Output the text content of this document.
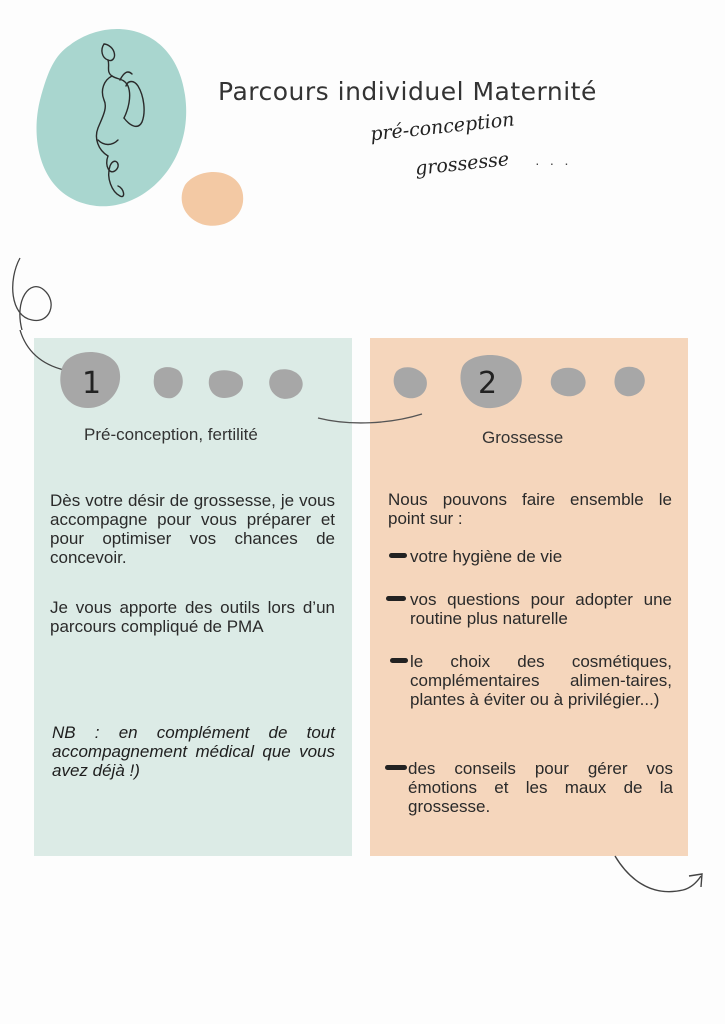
Parcours individuel Maternité
pré-conception
grossesse · · ·
1	2
Pré-conception, fertilité	Grossesse
Dès votre désir de grossesse, je vous accompagne pour vous préparer et pour optimiser vos chances de concevoir.
Je vous apporte des outils lors d’un parcours compliqué de PMA
NB : en complément de tout accompagnement médical que vous avez déjà !)
Nous pouvons faire ensemble le point sur :
votre hygiène de vie
vos questions pour adopter une routine plus naturelle
le choix des cosmétiques, complémentaires alimen-taires, plantes à éviter ou à privilégier...)
des conseils pour gérer vos émotions et les maux de la grossesse.
